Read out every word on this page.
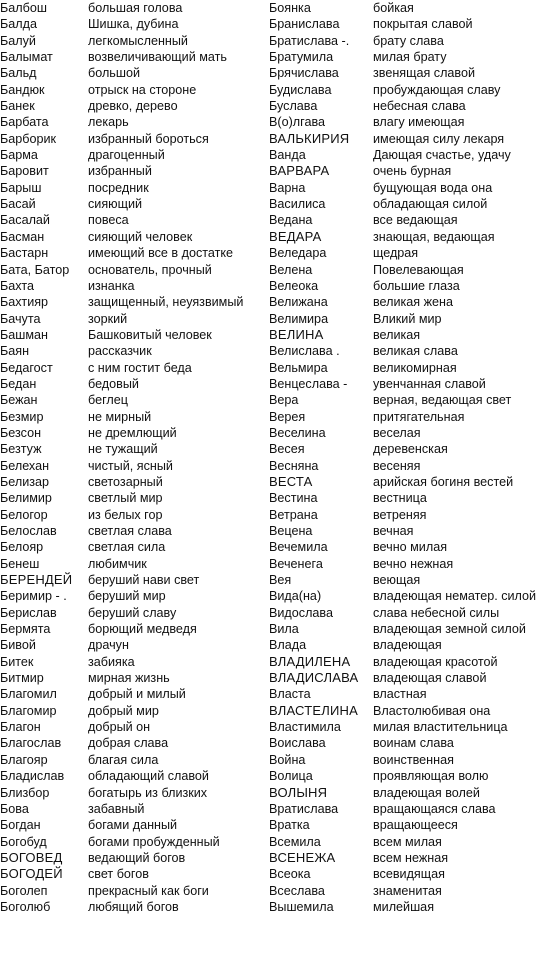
Балбош	большая голова
Балда	Шишка, дубина
Балуй	легкомысленный
Балымат	возвеличивающий мать
Бальд	большой
Бандюк	отрыск на стороне
Банек	древко, дерево
Барбата	лекарь
Барборик	избранный бороться
Барма	драгоценный
Баровит	избранный
Барыш	посредник
Басай	сияющий
Басалай	повеса
Басман	сияющий человек
Бастарн	имеющий все в достатке
Бата, Батор основатель, прочный
Бахта	изнанка
Бахтияр	защищенный, неуязвимый
Бачута	зоркий
Башман	Башковитый человек
Баян	рассказчик
Бедагост	с ним гостит беда
Бедан	бедовый
Бежан	беглец
Безмир	не мирный
Безсон	не дремлющий
Безтуж	не тужащий
Белехан	чистый, ясный
Белизар	светозарный
Белимир	светлый мир
Белогор	из белых гор
Белослав светлая слава
Белояр	светлая сила
Бенеш	любимчик
БЕРЕНДЕЙ беруший нави свет
Беримир - . беруший мир
Берислав беруший славу
Бермята	борющий медведя
Бивой	драчун
Битек	забияка
Битмир	мирная жизнь
Благомил добрый и милый
Благомир	добрый мир
Благон	добрый он
Благослав добрая слава
Благояр	благая сила
Бладислав обладающий славой
Близбор	богатырь из близких
Бова	забавный
Богдан	богами данный
Богобуд	богами пробужденный
БОГОВЕД ведающий богов
БОГОДЕЙ свет богов
Боголеп	прекрасный как боги
Боголюб	любящий богов
Боянка	бойкая
Бранислава	покрытая славой
Братислава -. брату слава
Братумила	милая брату
Брячислава	звенящая славой
Будислава	пробуждающая славу
Буслава	небесная слава
В(о)лгава	влагу имеющая
ВАЛЬКИРИЯ имеющая силу лекаря
Ванда	Дающая счастье, удачу
ВАРВАРА	очень бурная
Варна	бущующая вода она
Василиса	обладающая силой
Ведана	все ведающая
ВЕДАРА	знающая, ведающая
Веледара	щедрая
Велена	Повелевающая
Велеока	большие глаза
Велижана	великая жена
Велимира	Вликий мир
ВЕЛИНА	великая
Велислава .	великая слава
Вельмира	великомирная
Венцеслава - увенчанная славой
Вера	верная, ведающая свет
Верея	притягательная
Веселина	веселая
Весея	деревенская
Весняна	весеняя
ВЕСТА	арийская богиня вестей
Вестина	вестница
Ветрана	ветреняя
Вецена	вечная
Вечемила	вечно милая
Веченега	вечно нежная
Вея	веющая
Вида(на)	владеющая нематер. силой
Видослава	слава небесной силы
Вила	владеющая земной силой
Влада	владеющая
ВЛАДИЛЕНА владеющая красотой
ВЛАДИСЛАВА владеющая славой
Власта	властная
ВЛАСТЕЛИНА Властолюбивая она
Властимила	милая властительница
Воислава	воинам слава
Война	воинственная
Волица	проявляющая волю
ВОЛЫНЯ	владеющая волей
Вратислава	вращающаяся слава
Вратка	вращающееся
Всемила	всем милая
ВСЕНЕЖА	всем нежная
Всеока	всевидящая
Всеслава	знаменитая
Вышемила	милейшая
